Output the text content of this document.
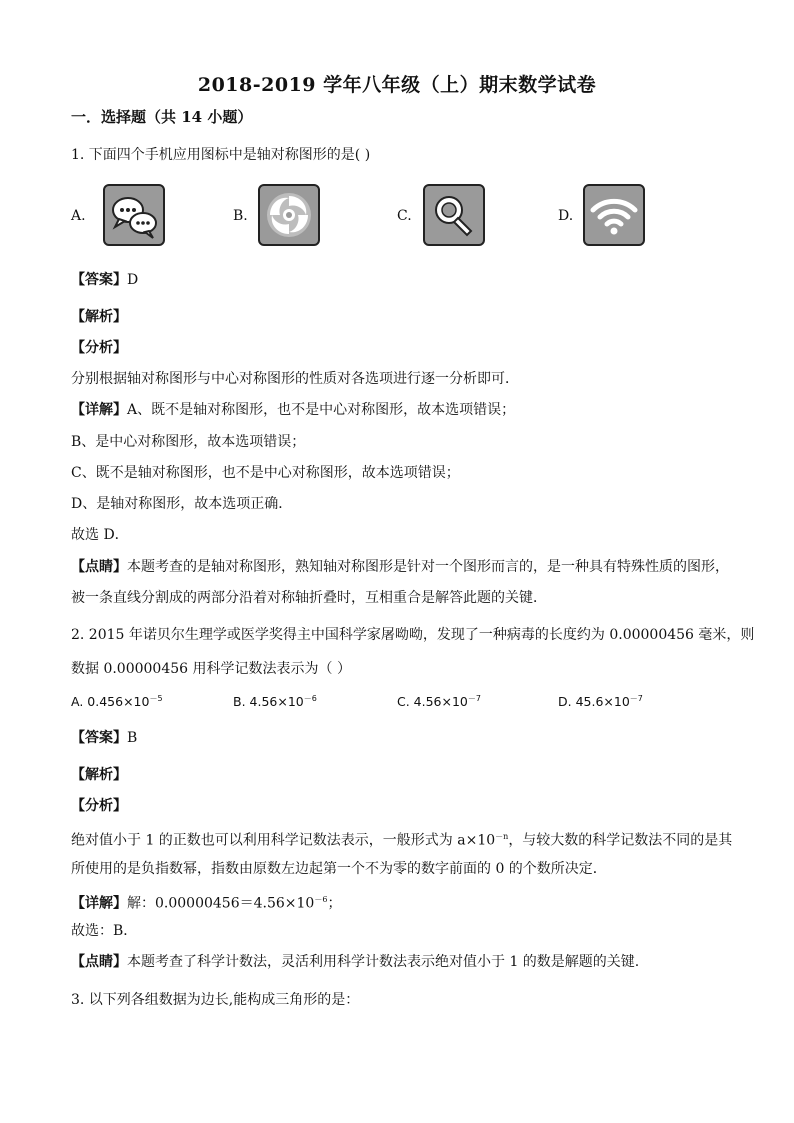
2018-2019 学年八年级（上）期末数学试卷
一．选择题（共 14 小题）
1. 下面四个手机应用图标中是轴对称图形的是( )
A.	B.	C.	D.
【答案】D
【解析】
【分析】
分别根据轴对称图形与中心对称图形的性质对各选项进行逐一分析即可．
【详解】A、既不是轴对称图形，也不是中心对称图形，故本选项错误；
B、是中心对称图形，故本选项错误；
C、既不是轴对称图形，也不是中心对称图形，故本选项错误；
D、是轴对称图形，故本选项正确．
故选 D．
【点睛】本题考查的是轴对称图形，熟知轴对称图形是针对一个图形而言的，是一种具有特殊性质的图形，
被一条直线分割成的两部分沿着对称轴折叠时，互相重合是解答此题的关键．
2. 2015 年诺贝尔生理学或医学奖得主中国科学家屠呦呦，发现了一种病毒的长度约为 0.00000456 毫米，则
数据 0.00000456 用科学记数法表示为（ ）
A. $0.456\times 10^{-5}$	B. $4.56\times 10^{-6}$	C. $4.56\times 10^{-7}$	D. $45.6\times 10^{-7}$
【答案】B
【解析】
【分析】
绝对值小于 1 的正数也可以利用科学记数法表示，一般形式为 $a\times 10^{-n}$，与较大数的科学记数法不同的是其
所使用的是负指数幂，指数由原数左边起第一个不为零的数字前面的 0 的个数所决定．
【详解】解：$0.00000456=4.56\times 10^{-6}$；
故选：B．
【点睛】本题考查了科学计数法，灵活利用科学计数法表示绝对值小于 1 的数是解题的关键.
3. 以下列各组数据为边长,能构成三角形的是：
